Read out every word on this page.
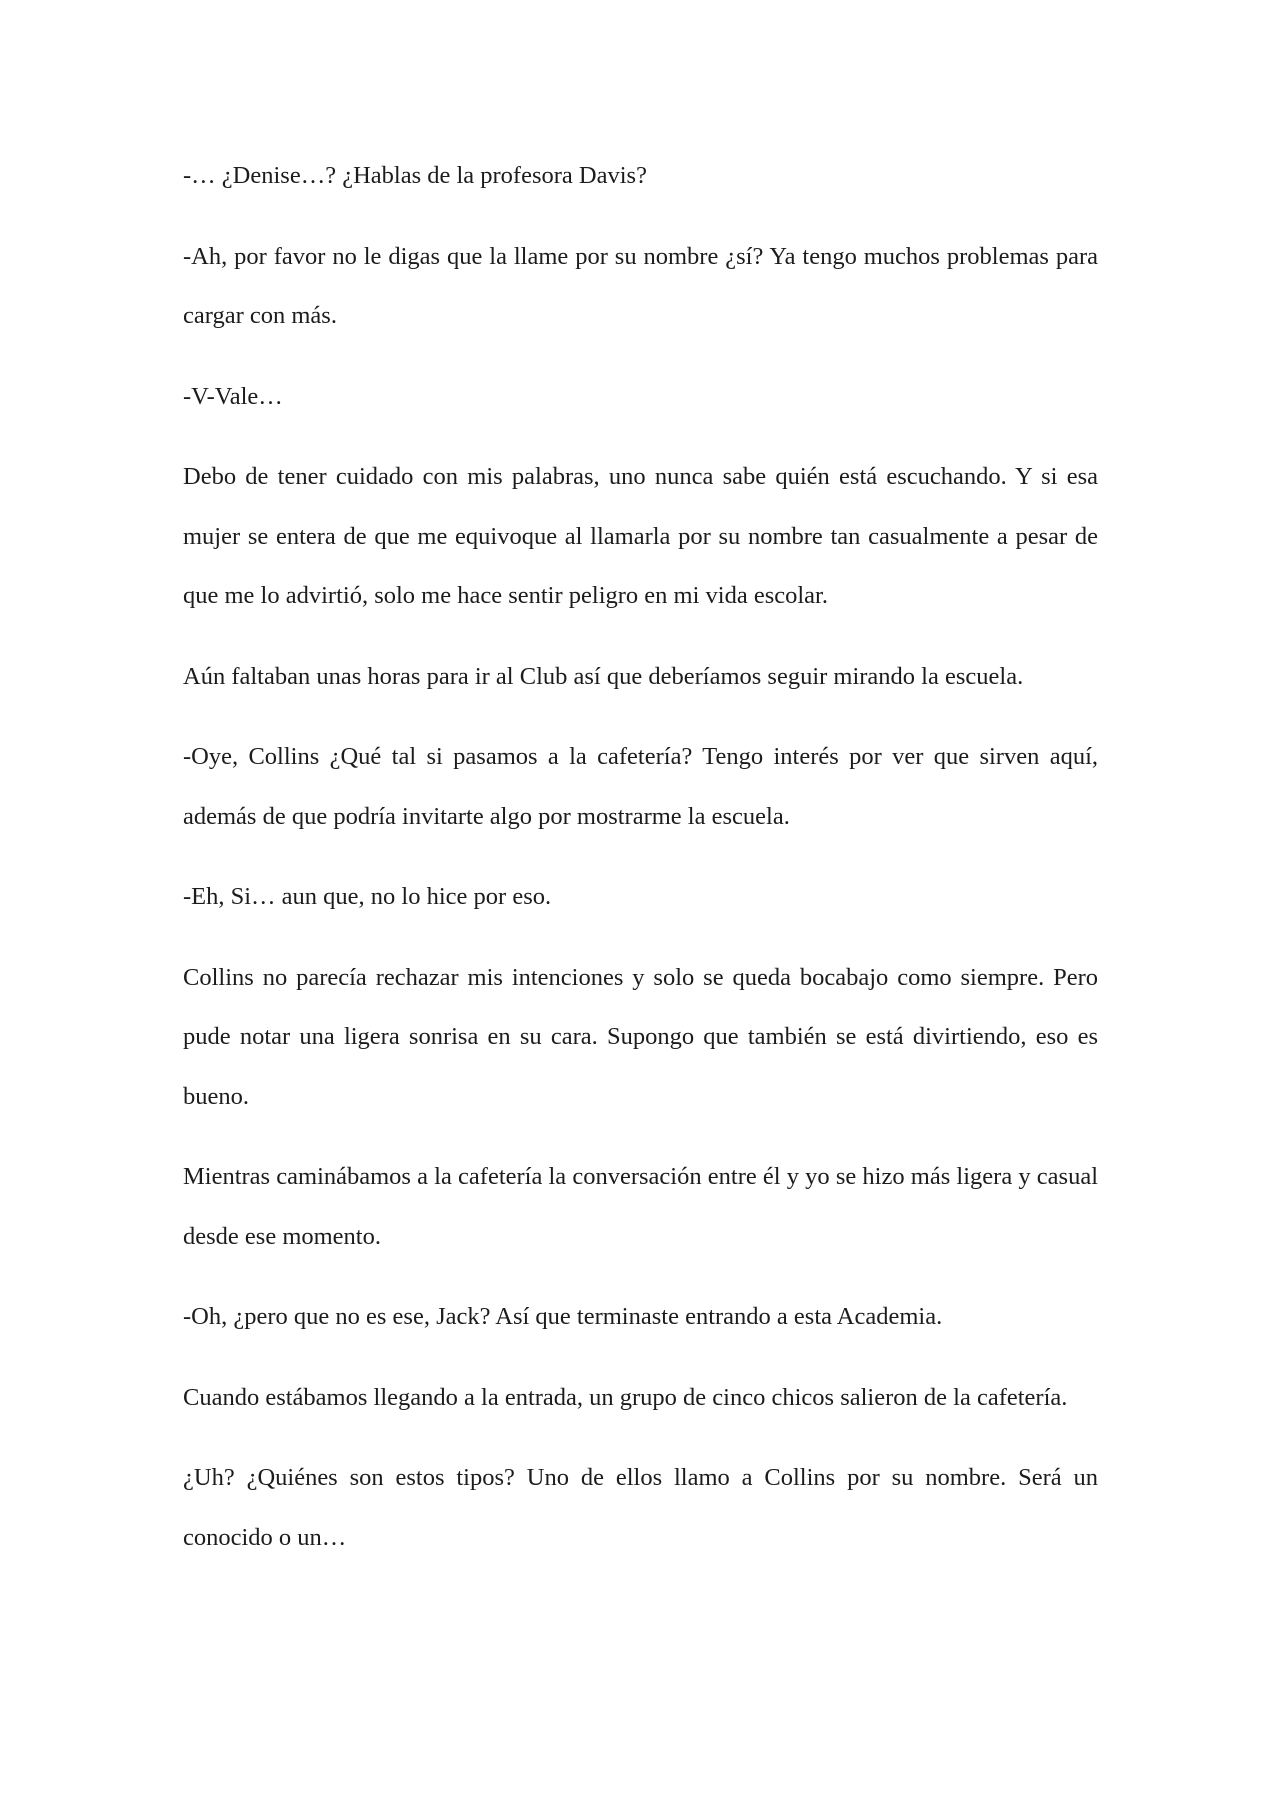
-… ¿Denise…? ¿Hablas de la profesora Davis?

-Ah, por favor no le digas que la llame por su nombre ¿sí? Ya tengo muchos problemas para cargar con más.

-V-Vale…

Debo de tener cuidado con mis palabras, uno nunca sabe quién está escuchando. Y si esa mujer se entera de que me equivoque al llamarla por su nombre tan casualmente a pesar de que me lo advirtió, solo me hace sentir peligro en mi vida escolar.

Aún faltaban unas horas para ir al Club así que deberíamos seguir mirando la escuela.

-Oye, Collins ¿Qué tal si pasamos a la cafetería? Tengo interés por ver que sirven aquí, además de que podría invitarte algo por mostrarme la escuela.

-Eh, Si… aun que, no lo hice por eso.

Collins no parecía rechazar mis intenciones y solo se queda bocabajo como siempre. Pero pude notar una ligera sonrisa en su cara. Supongo que también se está divirtiendo, eso es bueno.

Mientras caminábamos a la cafetería la conversación entre él y yo se hizo más ligera y casual desde ese momento.

-Oh, ¿pero que no es ese, Jack? Así que terminaste entrando a esta Academia.

Cuando estábamos llegando a la entrada, un grupo de cinco chicos salieron de la cafetería.

¿Uh? ¿Quiénes son estos tipos? Uno de ellos llamo a Collins por su nombre. Será un conocido o un…
